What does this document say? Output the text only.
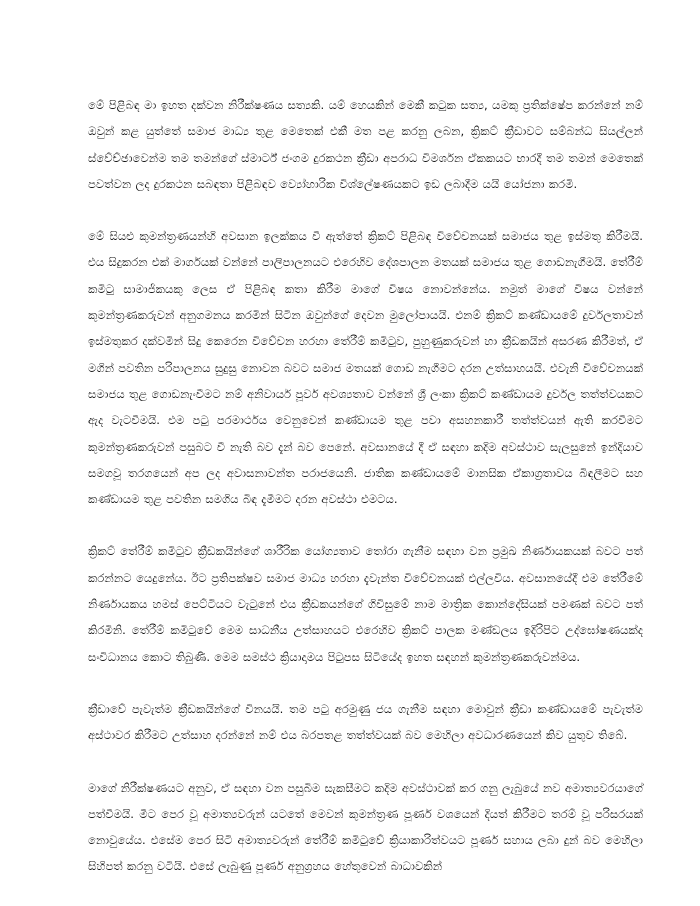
මේ පිළිබඳ මා ඉහත දක්වන නිරීක්ෂණය සත්‍යකි. යම් හෙයකින් මෙකී කටුක සත්‍ය, යමකු ප්‍රතික්ෂේප කරන්නේ නම් ඔවුන් කළ යුත්තේ සමාජ මාධ්‍ය තුළ මෙතෙක් එකී මත පළ කරනු ලබන, ක්‍රිකට් ක්‍රීඩාවට සම්බන්ධ සියල්ලන් ස්වේච්ඡාවෙන්ම තම තමන්ගේ ස්මාර්ට් ජංගම දුරකථන ක්‍රීඩා අපරාධ විමර්ශන ඒකකයට භාරදී තම තමන් මෙතෙක් පවත්වන ලද දුරකථන සබඳතා පිළිබඳව ව්‍යෝහාරික විශ්ලේෂණයකට ඉඩ ලබාදීම යයි යෝජනා කරමි.

මේ සියළු කුමන්ත්‍රණයන්හි අවසාන ඉලක්කය වී ඇත්තේ ක්‍රිකට් පිළිබඳ විවේචනයක් සමාජය තුළ ඉස්මතු කිරීමයි. එය සිදුකරන එක් මාර්ගයක් වන්නේ පාලිපාලනයට එරෙහිව දේශපාලන මතයක් සමාජය තුළ ගොඩනැගීමයි. තේරීම් කමිටු සාමාජිකයකු ලෙස ඒ පිළිබඳ කතා කිරීම මාගේ විෂය නොවන්නේය. නමුත් මාගේ විෂය වන්නේ කුමන්ත්‍රණකරුවන් අනුගමනය කරමින් සිටින ඔවුන්ගේ දෙවන මුලෝපායයි. එනම් ක්‍රිකට් කණ්ඩායමේ දුර්වලතාවන් ඉස්මතුකර දක්වමින් සිදු කෙරෙන විවේචන හරහා තේරීම් කමිටුව, පුහුණුකරුවන් හා ක්‍රීඩකයින් අසරණ කිරීමත්, ඒ මගින් පවතින පරිපාලනය සුදුසු නොවන බවට සමාජ මතයක් ගොඩ නැගීමට දරන උත්සාහයයි. එවැනි විවේචනයක් සමාජය තුළ ගොඩනැංවීමට නම් අනිවාර්ය පූර්ව අවශ්‍යතාව වන්නේ ශ්‍රී ලංකා ක්‍රිකට් කණ්ඩායම දුර්වල තත්ත්වයකට ඇද වැටවීමයි. එම පටු පරමාර්ථය වෙනුවෙන් කණ්ඩායම තුළ පවා අසහනකාරී තත්ත්වයන් ඇති කරවීමට කුමන්ත්‍රණකරුවන් පසුබට වී නැති බව දැන් බව පෙනේ. අවසානයේ දී ඒ සඳහා කදිම අවස්ථාව සැලසුනේ ඉන්දියාව සමගවූ තරගයෙන් අප ලද අවාසනාවන්ත පරාජයෙනි. ජාතික කණ්ඩායමේ මානසික ඒකාග්‍රතාවය බිඳලීමට සහ කණ්ඩායම තුළ පවතින සමගිය බිඳ දැමීමට දරන අවස්ථා එමටය.

ක්‍රිකට් තේරීම් කමිටුව ක්‍රීඩකයින්ගේ ශාරීරික යෝග්‍යතාව තෝරා ගැනීම සඳහා වන ප්‍රමුඛ නිර්ණායකයක් බවට පත් කරන්නට යෙදුනේය. ඊට ප්‍රතිපක්ෂව සමාජ මාධ්‍ය හරහා දැවැන්ත විවේචනයක් එල්ලවිය. අවසානයේදී එම තේරීමේ නිර්ණායකය හමස් පෙට්ටියට වැටුනේ එය ක්‍රීඩකයන්ගේ ගිවිසුමේ නාම මාත්‍රික කොන්දේසියක් පමණක් බවට පත් කිරමිනි. තේරීම් කමිටුවේ මෙම සාධනීය උත්සාහයට එරෙහිව ක්‍රිකට් පාලක මණ්ඩලය ඉදිරිපිට උද්ඝෝෂණයක්ද සංවිධානය කොට තිබුණි. මෙම සමස්ථ ක්‍රියාදාමය පිටුපස සිටියේද ඉහත සඳහන් කුමන්ත්‍රණකරුවන්මය.

ක්‍රීඩාවේ පැවැත්ම ක්‍රීඩකයින්ගේ විනයයි. තම පටු අරමුණු ජය ගැනීම සඳහා මොවුන් ක්‍රීඩා කණ්ඩායමේ පැවැත්ම අස්ථාවර කිරීමට උත්සාහ දරන්නේ නම් එය බරපතළ තත්ත්වයක් බව මෙහිලා අවධාරණයෙන් කිව යුතුව තිබේ.

මාගේ නිරීක්ෂණයට අනුව, ඒ සඳහා වන පසුබිම සැකසීමට කදිම අවස්ථාවක් කර ගනු ලැබුයේ නව අමාත්‍යවරයාගේ පත්වීමයි. මීට පෙර වූ අමාත්‍යවරුන් යටතේ මෙවන් කුමන්ත්‍රණ පූර්ණ වශයෙන් දියත් කිරීමට තරම් වූ පරිසරයක් නොවුයේය. එසේම පෙර සිටි අමාත්‍යවරුන් තේරීම් කමිටුවේ ක්‍රියාකාරිත්වයට පූර්ණ සහාය ලබා දුන් බව මෙහිලා සිහිපත් කරනු වටියි. එසේ ලැබුණු පූර්ණ අනුග්‍රහය හේතුවෙන් බාධාවකින්
